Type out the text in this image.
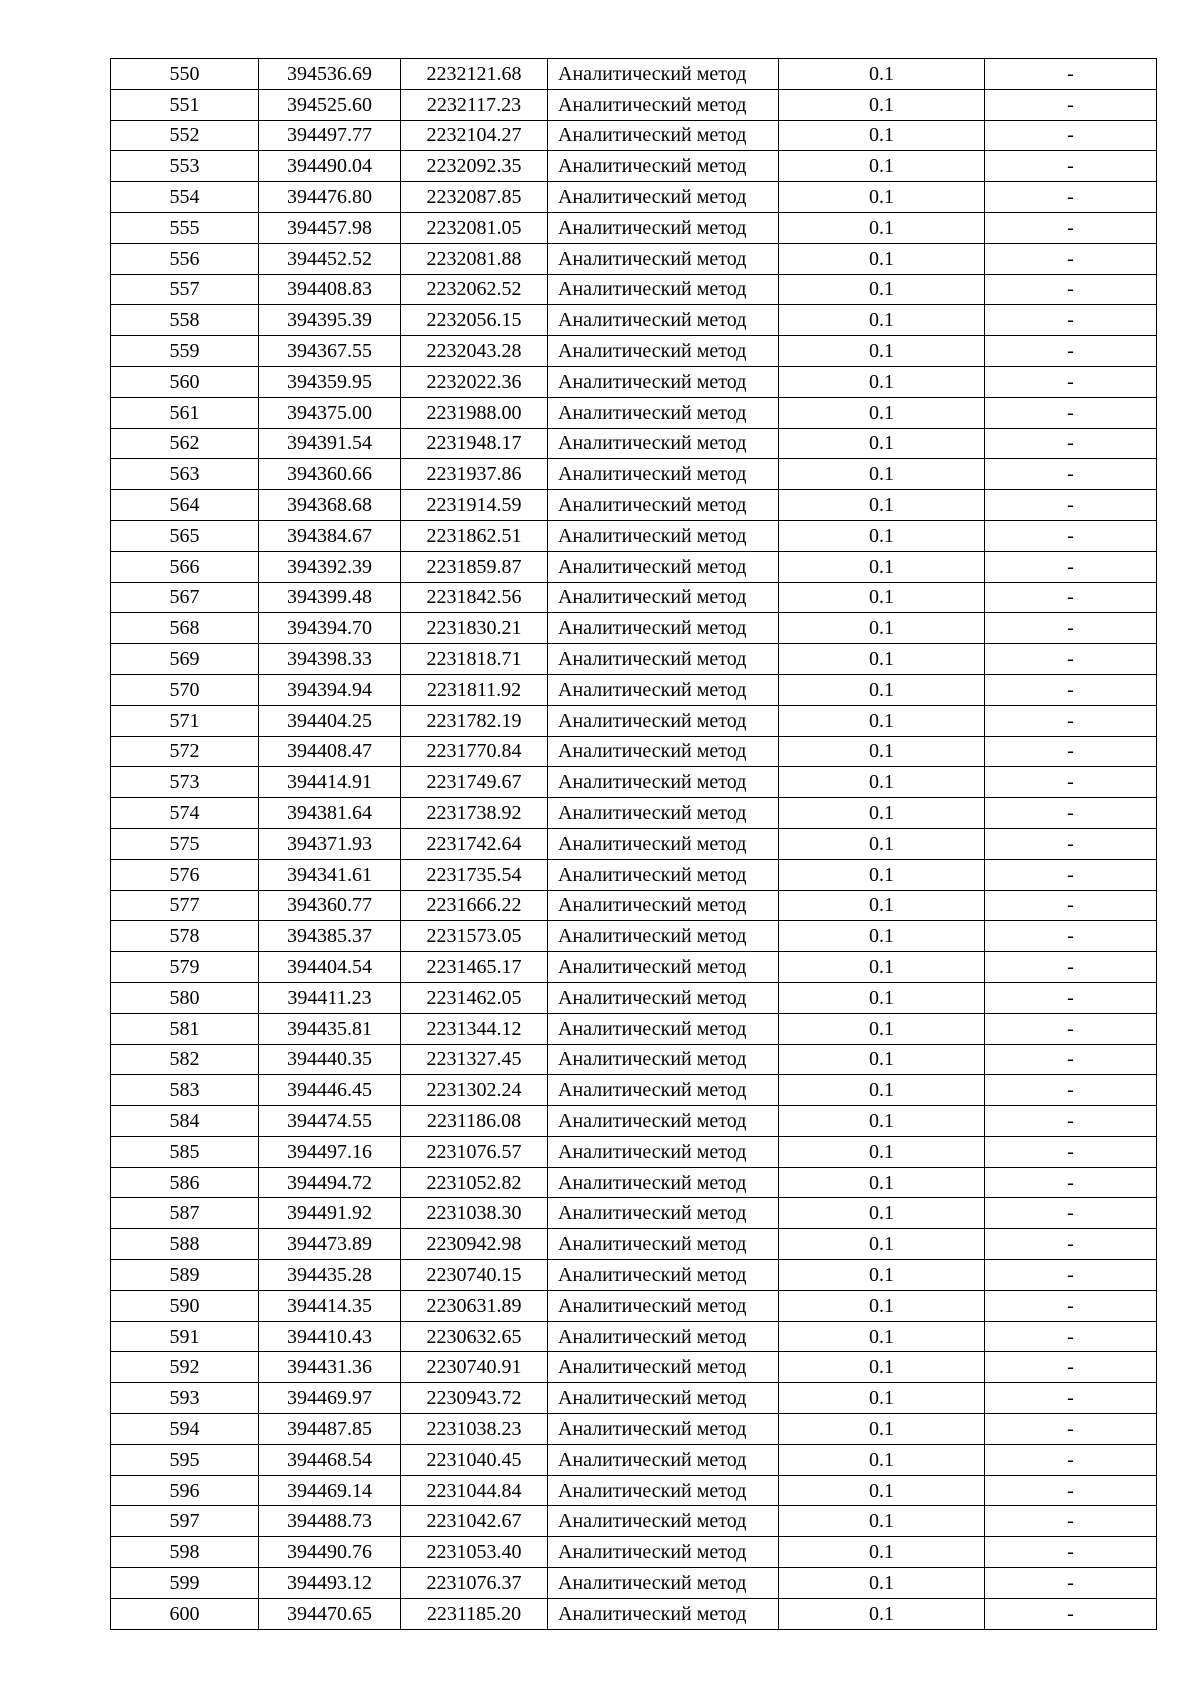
550	394536.69	2232121.68	Аналитический метод	0.1	-
551	394525.60	2232117.23	Аналитический метод	0.1	-
552	394497.77	2232104.27	Аналитический метод	0.1	-
553	394490.04	2232092.35	Аналитический метод	0.1	-
554	394476.80	2232087.85	Аналитический метод	0.1	-
555	394457.98	2232081.05	Аналитический метод	0.1	-
556	394452.52	2232081.88	Аналитический метод	0.1	-
557	394408.83	2232062.52	Аналитический метод	0.1	-
558	394395.39	2232056.15	Аналитический метод	0.1	-
559	394367.55	2232043.28	Аналитический метод	0.1	-
560	394359.95	2232022.36	Аналитический метод	0.1	-
561	394375.00	2231988.00	Аналитический метод	0.1	-
562	394391.54	2231948.17	Аналитический метод	0.1	-
563	394360.66	2231937.86	Аналитический метод	0.1	-
564	394368.68	2231914.59	Аналитический метод	0.1	-
565	394384.67	2231862.51	Аналитический метод	0.1	-
566	394392.39	2231859.87	Аналитический метод	0.1	-
567	394399.48	2231842.56	Аналитический метод	0.1	-
568	394394.70	2231830.21	Аналитический метод	0.1	-
569	394398.33	2231818.71	Аналитический метод	0.1	-
570	394394.94	2231811.92	Аналитический метод	0.1	-
571	394404.25	2231782.19	Аналитический метод	0.1	-
572	394408.47	2231770.84	Аналитический метод	0.1	-
573	394414.91	2231749.67	Аналитический метод	0.1	-
574	394381.64	2231738.92	Аналитический метод	0.1	-
575	394371.93	2231742.64	Аналитический метод	0.1	-
576	394341.61	2231735.54	Аналитический метод	0.1	-
577	394360.77	2231666.22	Аналитический метод	0.1	-
578	394385.37	2231573.05	Аналитический метод	0.1	-
579	394404.54	2231465.17	Аналитический метод	0.1	-
580	394411.23	2231462.05	Аналитический метод	0.1	-
581	394435.81	2231344.12	Аналитический метод	0.1	-
582	394440.35	2231327.45	Аналитический метод	0.1	-
583	394446.45	2231302.24	Аналитический метод	0.1	-
584	394474.55	2231186.08	Аналитический метод	0.1	-
585	394497.16	2231076.57	Аналитический метод	0.1	-
586	394494.72	2231052.82	Аналитический метод	0.1	-
587	394491.92	2231038.30	Аналитический метод	0.1	-
588	394473.89	2230942.98	Аналитический метод	0.1	-
589	394435.28	2230740.15	Аналитический метод	0.1	-
590	394414.35	2230631.89	Аналитический метод	0.1	-
591	394410.43	2230632.65	Аналитический метод	0.1	-
592	394431.36	2230740.91	Аналитический метод	0.1	-
593	394469.97	2230943.72	Аналитический метод	0.1	-
594	394487.85	2231038.23	Аналитический метод	0.1	-
595	394468.54	2231040.45	Аналитический метод	0.1	-
596	394469.14	2231044.84	Аналитический метод	0.1	-
597	394488.73	2231042.67	Аналитический метод	0.1	-
598	394490.76	2231053.40	Аналитический метод	0.1	-
599	394493.12	2231076.37	Аналитический метод	0.1	-
600	394470.65	2231185.20	Аналитический метод	0.1	-
